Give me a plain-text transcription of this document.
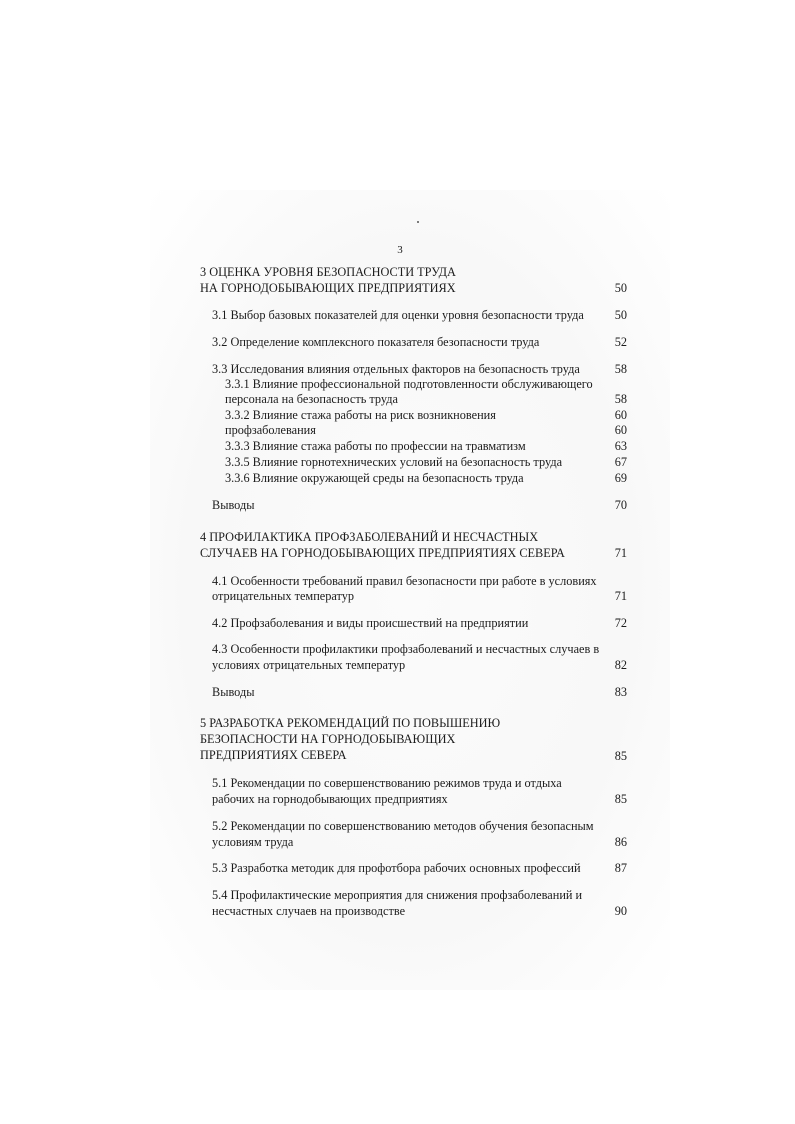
3
3 ОЦЕНКА УРОВНЯ БЕЗОПАСНОСТИ ТРУДА
НА ГОРНОДОБЫВАЮЩИХ ПРЕДПРИЯТИЯХ	50
3.1 Выбор базовых показателей для оценки уровня безопасности труда	50
3.2 Определение комплексного показателя безопасности труда	52
3.3 Исследования влияния отдельных факторов на безопасность труда	58
3.3.1 Влияние профессиональной подготовленности обслуживающего
персонала на безопасность труда	58
3.3.2 Влияние стажа работы на риск возникновения	60
профзаболевания	60
3.3.3 Влияние стажа работы по профессии на травматизм	63
3.3.5 Влияние горнотехнических условий на безопасность труда	67
3.3.6 Влияние окружающей среды на безопасность труда	69
Выводы	70
4 ПРОФИЛАКТИКА ПРОФЗАБОЛЕВАНИЙ И НЕСЧАСТНЫХ
СЛУЧАЕВ НА ГОРНОДОБЫВАЮЩИХ ПРЕДПРИЯТИЯХ СЕВЕРА	71
4.1 Особенности требований правил безопасности при работе в условиях
отрицательных температур	71
4.2 Профзаболевания и виды происшествий на предприятии	72
4.3 Особенности профилактики профзаболеваний и несчастных случаев в
условиях отрицательных температур	82
Выводы	83
5 РАЗРАБОТКА РЕКОМЕНДАЦИЙ ПО ПОВЫШЕНИЮ
БЕЗОПАСНОСТИ НА ГОРНОДОБЫВАЮЩИХ
ПРЕДПРИЯТИЯХ СЕВЕРА	85
5.1 Рекомендации по совершенствованию режимов труда и отдыха
рабочих на горнодобывающих предприятиях	85
5.2 Рекомендации по совершенствованию методов обучения безопасным
условиям труда	86
5.3 Разработка методик для профотбора рабочих основных профессий	87
5.4 Профилактические мероприятия для снижения профзаболеваний и
несчастных случаев на производстве	90
